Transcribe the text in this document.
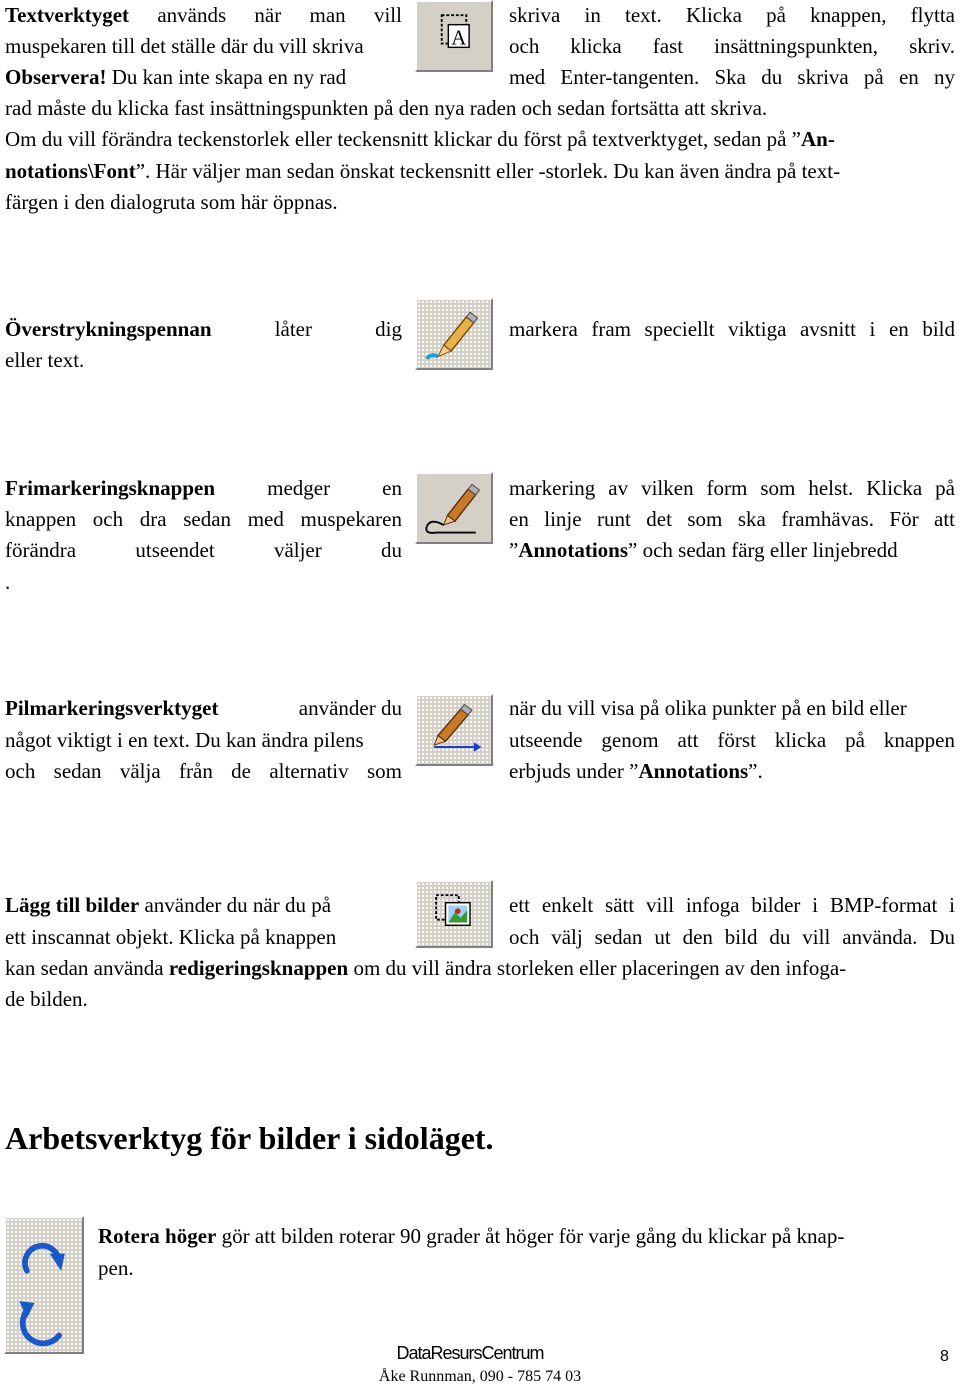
Textverktyget används när man vill
muspekaren till det ställe där du vill skriva
Observera! Du kan inte skapa en ny rad
A
skriva in text. Klicka på knappen, flytta
och klicka fast insättningspunkten, skriv.
med Enter-tangenten. Ska du skriva på en ny
rad måste du klicka fast insättningspunkten på den nya raden och sedan fortsätta att skriva.
Om du vill förändra teckenstorlek eller teckensnitt klickar du först på textverktyget, sedan på ”An-
notations\Font”. Här väljer man sedan önskat teckensnitt eller -storlek. Du kan även ändra på text-
färgen i den dialogruta som här öppnas.
Överstrykningspennan	låter	dig
eller text.
markera fram speciellt viktiga avsnitt i en bild
Frimarkeringsknappen medger en
knappen och dra sedan med muspekaren
förändra	utseendet	väljer	du
.
markering av vilken form som helst. Klicka på
en linje runt det som ska framhävas. För att
”Annotations” och sedan färg eller linjebredd
Pilmarkeringsverktyget	använder du
något viktigt i en text. Du kan ändra pilens
och sedan välja från de alternativ som
när du vill visa på olika punkter på en bild eller
utseende genom att först klicka på knappen
erbjuds under ”Annotations”.
Lägg till bilder använder du när du på
ett inscannat objekt. Klicka på knappen
ett enkelt sätt vill infoga bilder i BMP-format i
och välj sedan ut den bild du vill använda. Du
kan sedan använda redigeringsknappen om du vill ändra storleken eller placeringen av den infoga-
de bilden.
Arbetsverktyg för bilder i sidoläget.
Rotera höger gör att bilden roterar 90 grader åt höger för varje gång du klickar på knap-
pen.
DataResursCentrum
Åke Runnman, 090 - 785 74 03
8
